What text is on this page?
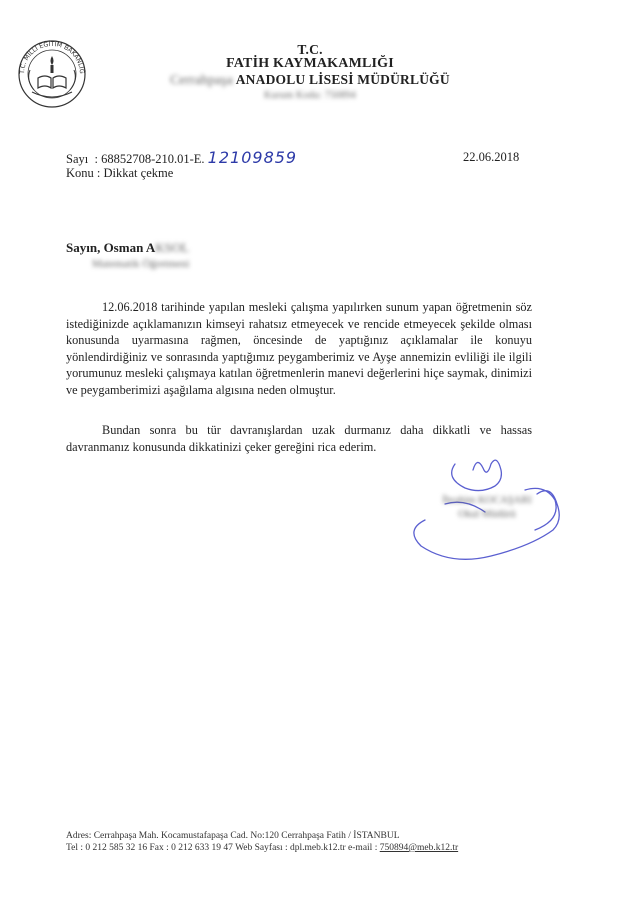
T.C. MİLLİ EĞİTİM BAKANLIĞ
T.C.
FATİH KAYMAKAMLIĞI
Cerrahpaşa ANADOLU LİSESİ MÜDÜRLÜĞÜ
Kurum Kodu: 750894
Sayı : 68852708-210.01-E. 12109859
Konu : Dikkat çekme
22.06.2018
Sayın, Osman AKSOL
Matematik Öğretmeni
12.06.2018 tarihinde yapılan mesleki çalışma yapılırken sunum yapan öğretmenin söz istediğinizde açıklamanızın kimseyi rahatsız etmeyecek ve rencide etmeyecek şekilde olması konusunda uyarmasına rağmen, öncesinde de yaptığınız açıklamalar ile konuyu yönlendirdiğiniz ve sonrasında yaptığımız peygamberimiz ve Ayşe annemizin evliliği ile ilgili yorumunuz mesleki çalışmaya katılan öğretmenlerin manevi değerlerini hiçe saymak, dinimizi ve peygamberimizi aşağılama algısına neden olmuştur.
Bundan sonra bu tür davranışlardan uzak durmanız daha dikkatli ve hassas davranmanız konusunda dikkatinizi çeker gereğini rica ederim.
İbrahim KOCAŞARI
Okul Müdürü
Adres: Cerrahpaşa Mah. Kocamustafapaşa Cad. No:120 Cerrahpaşa Fatih / İSTANBUL
Tel : 0 212 585 32 16 Fax : 0 212 633 19 47 Web Sayfası : dpl.meb.k12.tr e-mail : 750894@meb.k12.tr
